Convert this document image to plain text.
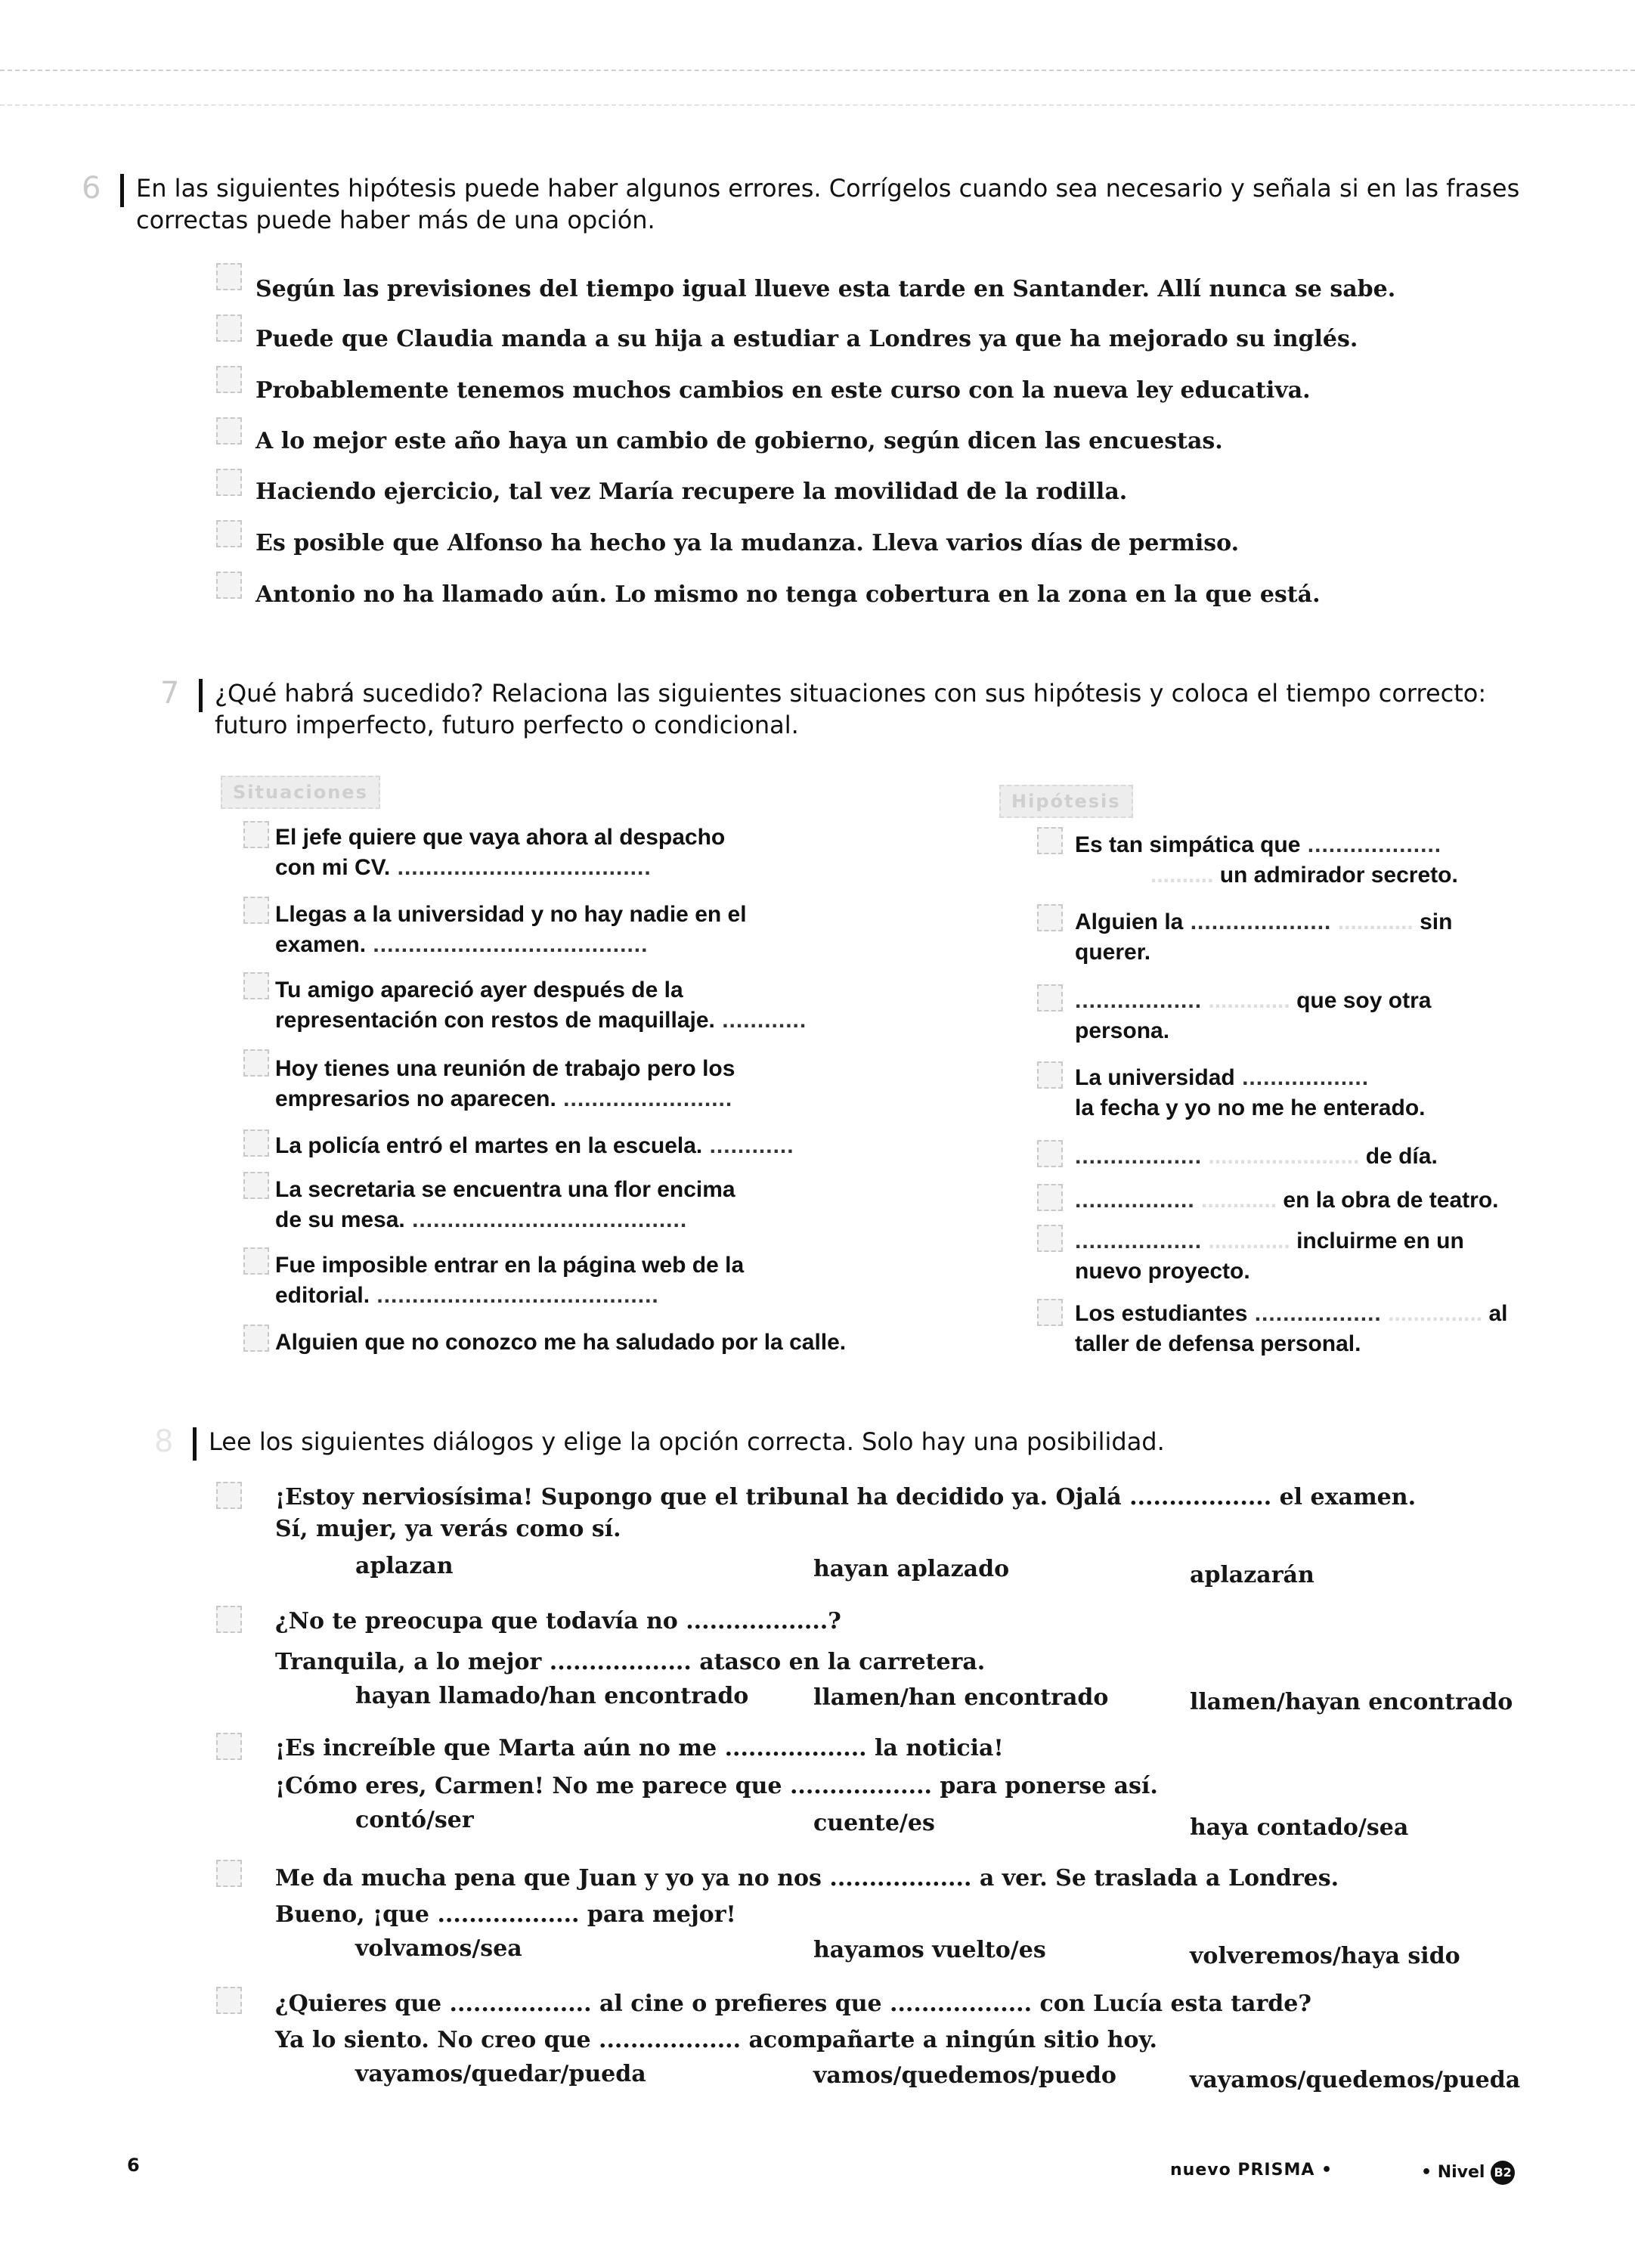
6 En las siguientes hipótesis puede haber algunos errores. Corrígelos cuando sea necesario y señala si en las frases correctas puede haber más de una opción.
Según las previsiones del tiempo igual llueve esta tarde en Santander. Allí nunca se sabe.
Puede que Claudia manda a su hija a estudiar a Londres ya que ha mejorado su inglés.
Probablemente tenemos muchos cambios en este curso con la nueva ley educativa.
A lo mejor este año haya un cambio de gobierno, según dicen las encuestas.
Haciendo ejercicio, tal vez María recupere la movilidad de la rodilla.
Es posible que Alfonso ha hecho ya la mudanza. Lleva varios días de permiso.
Antonio no ha llamado aún. Lo mismo no tenga cobertura en la zona en la que está.
7 ¿Qué habrá sucedido? Relaciona las siguientes situaciones con sus hipótesis y coloca el tiempo correcto: futuro imperfecto, futuro perfecto o condicional.
Situaciones	Hipótesis
El jefe quiere que vaya ahora al despacho
con mi CV. ....................................
Llegas a la universidad y no hay nadie en el
examen. .......................................
Tu amigo apareció ayer después de la
representación con restos de maquillaje. ............
Hoy tienes una reunión de trabajo pero los
empresarios no aparecen. ........................
La policía entró el martes en la escuela. ............
La secretaria se encuentra una flor encima
de su mesa. .......................................
Fue imposible entrar en la página web de la
editorial. ........................................
Alguien que no conozco me ha saludado por la calle.
Es tan simpática que ...................
.......... un admirador secreto.
Alguien la .................... ............ sin
querer.
.................. ............. que soy otra
persona.
La universidad ..................
la fecha y yo no me he enterado.
.................. ........................ de día.
................. ............ en la obra de teatro.
.................. ............. incluirme en un
nuevo proyecto.
Los estudiantes .................. ............... al
taller de defensa personal.
8 Lee los siguientes diálogos y elige la opción correcta. Solo hay una posibilidad.
¡Estoy nerviosísima! Supongo que el tribunal ha decidido ya. Ojalá .................. el examen.
Sí, mujer, ya verás como sí.
aplazan	hayan aplazado	aplazarán
¿No te preocupa que todavía no ..................?
Tranquila, a lo mejor .................. atasco en la carretera.
hayan llamado/han encontrado	llamen/han encontrado	llamen/hayan encontrado
¡Es increíble que Marta aún no me .................. la noticia!
¡Cómo eres, Carmen! No me parece que .................. para ponerse así.
contó/ser	cuente/es	haya contado/sea
Me da mucha pena que Juan y yo ya no nos .................. a ver. Se traslada a Londres.
Bueno, ¡que .................. para mejor!
volvamos/sea	hayamos vuelto/es	volveremos/haya sido
¿Quieres que .................. al cine o prefieres que .................. con Lucía esta tarde?
Ya lo siento. No creo que .................. acompañarte a ningún sitio hoy.
vayamos/quedar/pueda	vamos/quedemos/puedo	vayamos/quedemos/pueda
6	nuevo PRISMA •	• Nivel B2
